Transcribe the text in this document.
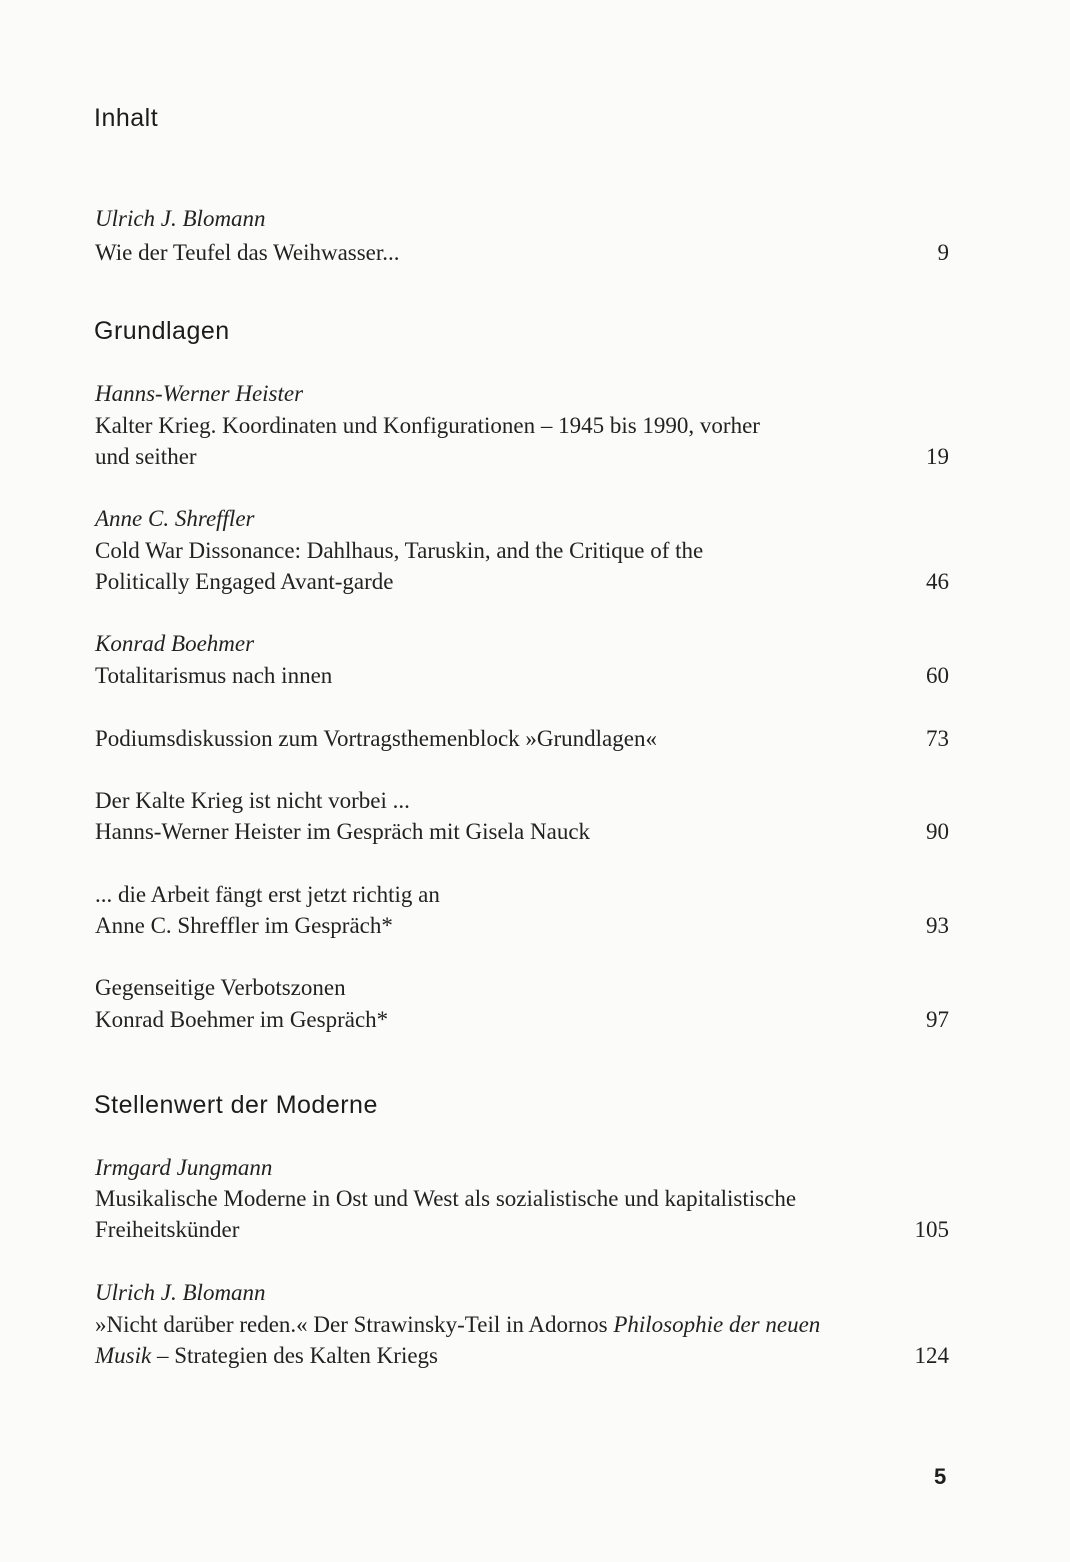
Inhalt
Ulrich J. Blomann
Wie der Teufel das Weihwasser...	9
Grundlagen
Hanns-Werner Heister
Kalter Krieg. Koordinaten und Konfigurationen – 1945 bis 1990, vorher
und seither	19
Anne C. Shreffler
Cold War Dissonance: Dahlhaus, Taruskin, and the Critique of the
Politically Engaged Avant-garde	46
Konrad Boehmer
Totalitarismus nach innen	60
Podiumsdiskussion zum Vortragsthemenblock »Grundlagen«	73
Der Kalte Krieg ist nicht vorbei ...
Hanns-Werner Heister im Gespräch mit Gisela Nauck	90
... die Arbeit fängt erst jetzt richtig an
Anne C. Shreffler im Gespräch*	93
Gegenseitige Verbotszonen
Konrad Boehmer im Gespräch*	97
Stellenwert der Moderne
Irmgard Jungmann
Musikalische Moderne in Ost und West als sozialistische und kapitalistische
Freiheitskünder	105
Ulrich J. Blomann
»Nicht darüber reden.« Der Strawinsky-Teil in Adornos Philosophie der neuen
Musik – Strategien des Kalten Kriegs	124
5
